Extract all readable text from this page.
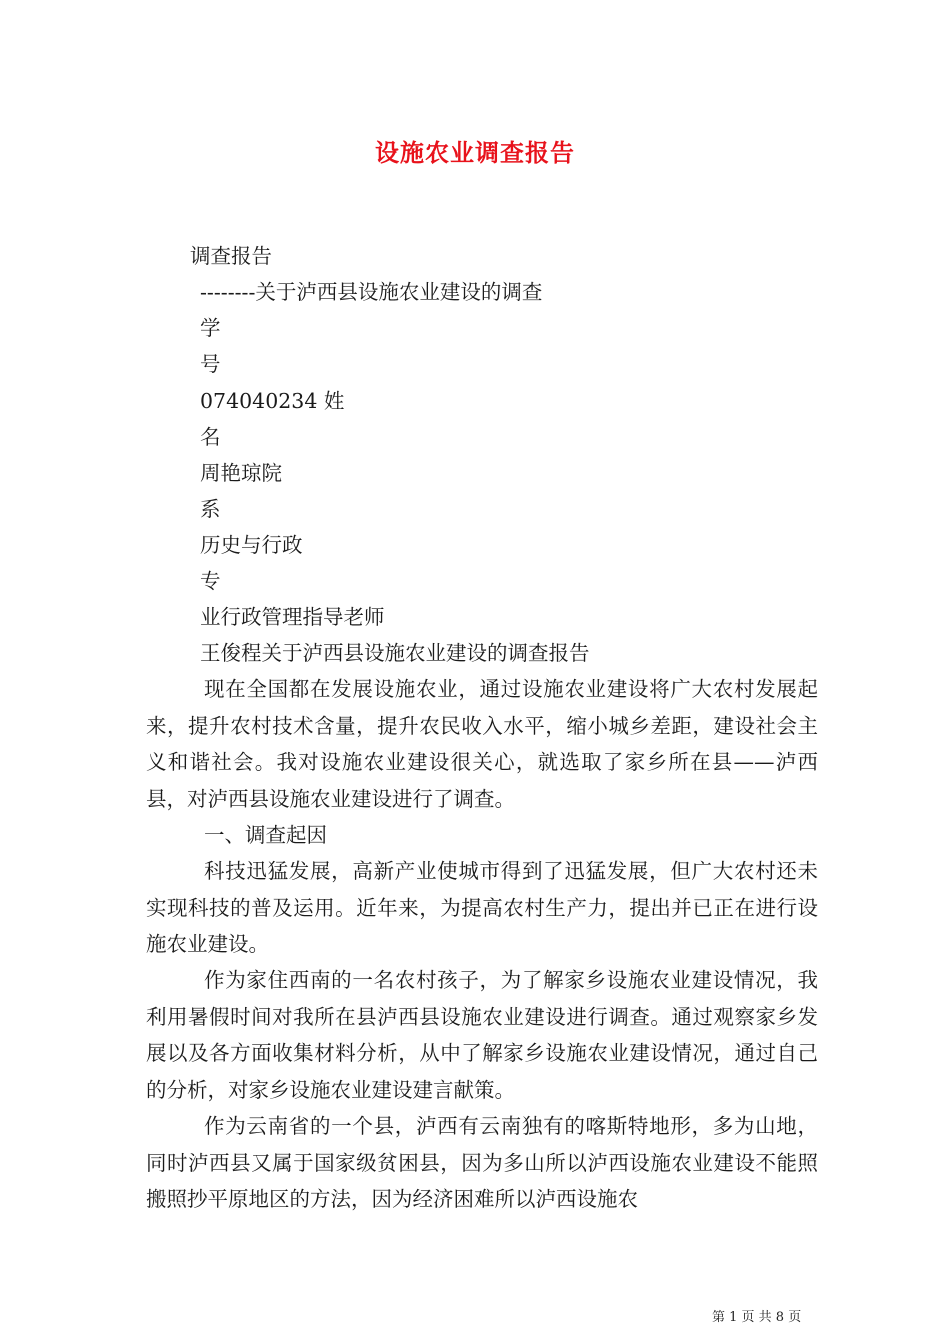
设施农业调查报告
调查报告
--------关于泸西县设施农业建设的调查
学
号
074040234 姓
名
周艳琼院
系
历史与行政
专
业行政管理指导老师
王俊程关于泸西县设施农业建设的调查报告

现在全国都在发展设施农业，通过设施农业建设将广大农村发展起来，提升农村技术含量，提升农民收入水平，缩小城乡差距，建设社会主义和谐社会。我对设施农业建设很关心，就选取了家乡所在县——泸西县，对泸西县设施农业建设进行了调查。

一、调查起因

科技迅猛发展，高新产业使城市得到了迅猛发展，但广大农村还未实现科技的普及运用。近年来，为提高农村生产力，提出并已正在进行设施农业建设。

作为家住西南的一名农村孩子，为了解家乡设施农业建设情况，我利用暑假时间对我所在县泸西县设施农业建设进行调查。通过观察家乡发展以及各方面收集材料分析，从中了解家乡设施农业建设情况，通过自己的分析，对家乡设施农业建设建言献策。

作为云南省的一个县，泸西有云南独有的喀斯特地形，多为山地，同时泸西县又属于国家级贫困县，因为多山所以泸西设施农业建设不能照搬照抄平原地区的方法，因为经济困难所以泸西设施农

第 1 页 共 8 页
